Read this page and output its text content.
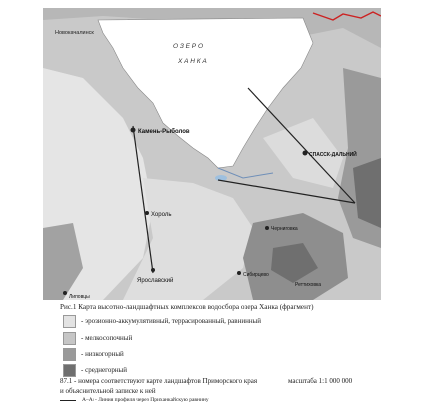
Новокачалинск
О З Е Р О
Х А Н К А
Камень-Рыболов
СПАССК-ДАЛЬНИЙ
Хороль
Черниговка
Ярославский
Сибирцево
Реттиховка
Липовцы
Рис.1 Карта высотно-ландшафтных комплексов водосбора озера Ханка (фрагмент)
- эрозионно-аккумулятивный, террасированный, равнинный
- мелкосопочный
- низкогорный
- среднегорный
87.1 - номера соответствуют карте ландшафтов Приморского края	масштаба 1:1 000 000
и объяснительной записке к ней
А–Аₗ - Линия профиля через Приханкайскую равнину
